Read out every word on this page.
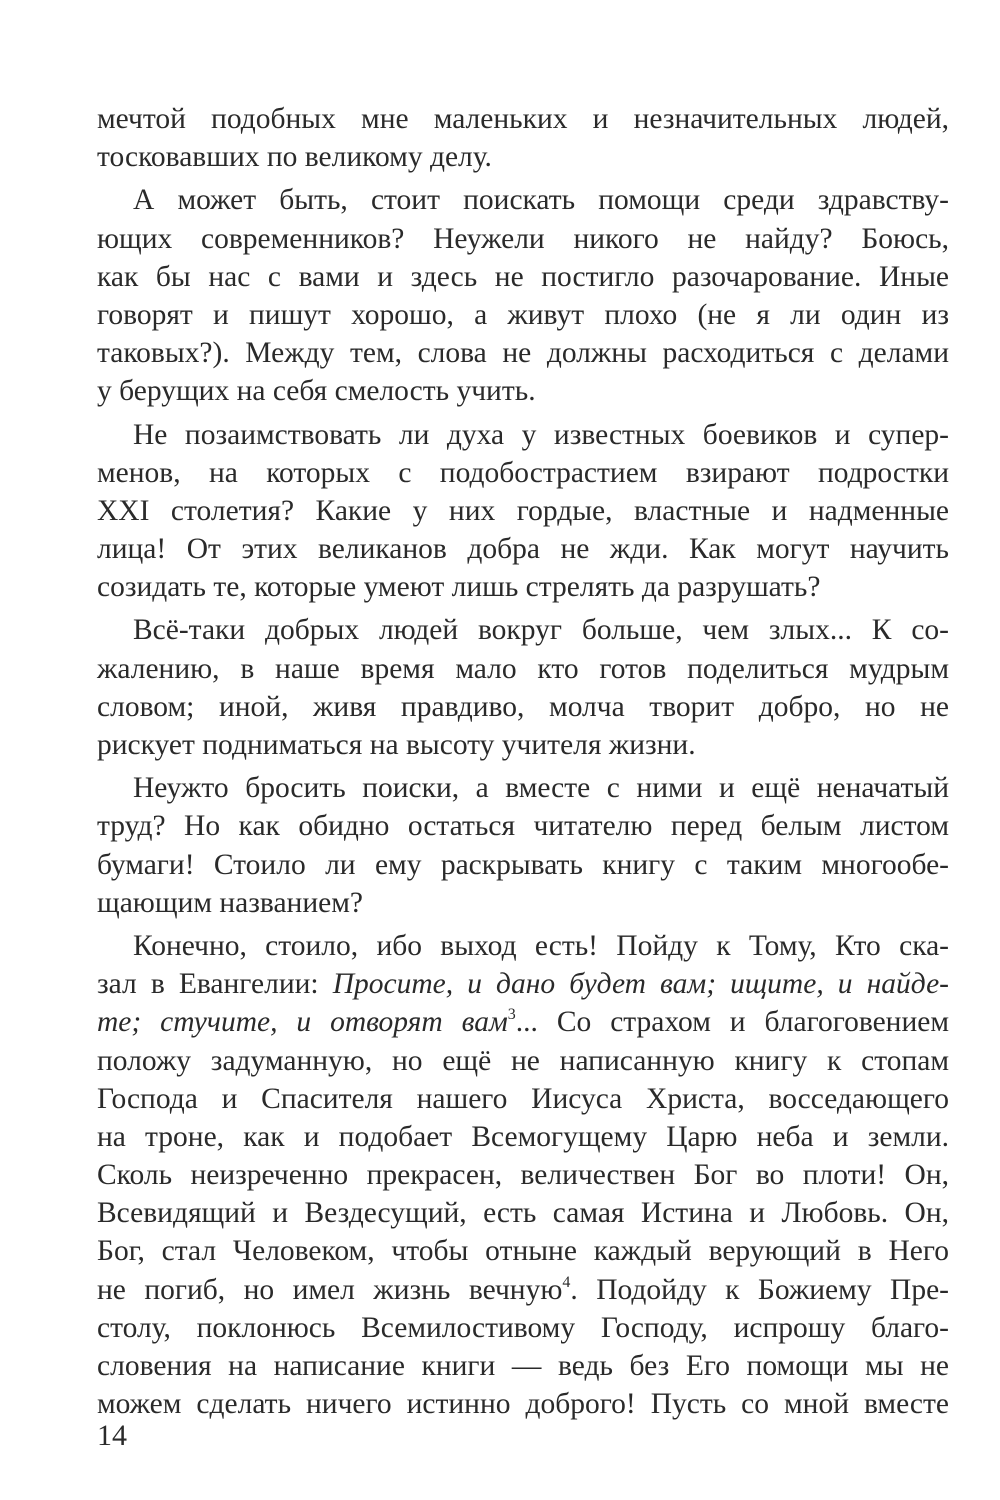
мечтой подобных мне маленьких и незначительных людей,
тосковавших по великому делу.
А может быть, стоит поискать помощи среди здравству-
ющих современников? Неужели никого не найду? Боюсь,
как бы нас с вами и здесь не постигло разочарование. Иные
говорят и пишут хорошо, а живут плохо (не я ли один из
таковых?). Между тем, слова не должны расходиться с делами
у берущих на себя смелость учить.
Не позаимствовать ли духа у известных боевиков и супер-
менов, на которых с подобострастием взирают подростки
XXI столетия? Какие у них гордые, властные и надменные
лица! От этих великанов добра не жди. Как могут научить
созидать те, которые умеют лишь стрелять да разрушать?
Всё-таки добрых людей вокруг больше, чем злых... К со-
жалению, в наше время мало кто готов поделиться мудрым
словом; иной, живя правдиво, молча творит добро, но не
рискует подниматься на высоту учителя жизни.
Неужто бросить поиски, а вместе с ними и ещё неначатый
труд? Но как обидно остаться читателю перед белым листом
бумаги! Стоило ли ему раскрывать книгу с таким многообе-
щающим названием?
Конечно, стоило, ибо выход есть! Пойду к Тому, Кто ска-
зал в Евангелии: Просите, и дано будет вам; ищите, и найде-
те; стучите, и отворят вам$^3$... Со страхом и благоговением
положу задуманную, но ещё не написанную книгу к стопам
Господа и Спасителя нашего Иисуса Христа, восседающего
на троне, как и подобает Всемогущему Царю неба и земли.
Сколь неизреченно прекрасен, величествен Бог во плоти! Он,
Всевидящий и Вездесущий, есть самая Истина и Любовь. Он,
Бог, стал Человеком, чтобы отныне каждый верующий в Него
не погиб, но имел жизнь вечную$^4$. Подойду к Божиему Пре-
столу, поклонюсь Всемилостивому Господу, испрошу благо-
словения на написание книги — ведь без Его помощи мы не
можем сделать ничего истинно доброго! Пусть со мной вместе
14
